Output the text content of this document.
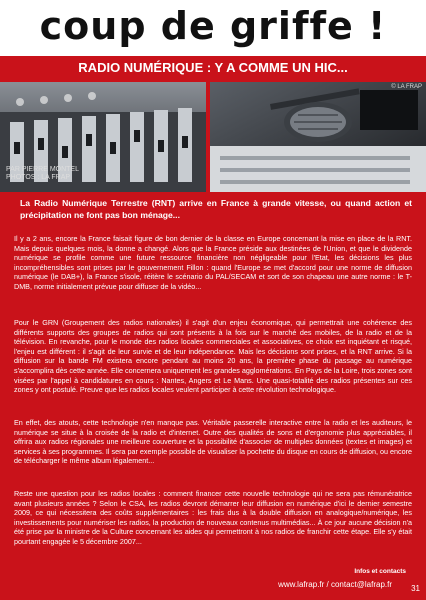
coup de griffe !
RADIO NUMÉRIQUE : Y A COMME UN HIC...
PAR PIERRE MONTEL
PHOTOS : LA FRAP
© LA FRAP
La Radio Numérique Terrestre (RNT) arrive en France à grande vitesse, ou quand action et précipitation ne font pas bon ménage...
Il y a 2 ans, encore la France faisait figure de bon dernier de la classe en Europe concernant la mise en place de la RNT. Mais depuis quelques mois, la donne a changé. Alors que la France préside aux destinées de l'Union, et que le dividende numérique se profile comme une future ressource financière non négligeable pour l'Etat, les décisions les plus incompréhensibles sont prises par le gouvernement Fillon : quand l'Europe se met d'accord pour une norme de diffusion numérique (le DAB+), la France s'isole, réitère le scénario du PAL/SECAM et sort de son chapeau une autre norme : le T-DMB, norme initialement prévue pour diffuser de la vidéo...
Pour le GRN (Groupement des radios nationales) il s'agit d'un enjeu économique, qui permettrait une cohérence des différents supports des groupes de radios qui sont présents à la fois sur le marché des mobiles, de la radio et de la télévision. En revanche, pour le monde des radios locales commerciales et associatives, ce choix est inquiétant et risqué, l'enjeu est différent : il s'agit de leur survie et de leur indépendance. Mais les décisions sont prises, et la RNT arrive. Si la diffusion sur la bande FM existera encore pendant au moins 20 ans, la première phase du passage au numérique s'accomplira dès cette année. Elle concernera uniquement les grandes agglomérations. En Pays de la Loire, trois zones sont visées par l'appel à candidatures en cours : Nantes, Angers et Le Mans. Une quasi-totalité des radios présentes sur ces zones y ont postulé. Preuve que les radios locales veulent participer à cette révolution technologique.
En effet, des atouts, cette technologie n'en manque pas. Véritable passerelle interactive entre la radio et les auditeurs, le numérique se situe à la croisée de la radio et d'internet. Outre des qualités de sons et d'ergonomie plus appréciables, il offrira aux radios régionales une meilleure couverture et la possibilité d'associer de multiples données (textes et images) et services à ses programmes. Il sera par exemple possible de visualiser la pochette du disque en cours de diffusion, ou encore de télécharger le même album légalement...
Reste une question pour les radios locales : comment financer cette nouvelle technologie qui ne sera pas rémunératrice avant plusieurs années ? Selon le CSA, les radios devront démarrer leur diffusion en numérique d'ici le dernier semestre 2009, ce qui nécessitera des coûts supplémentaires : les frais dus à la double diffusion en analogique/numérique, les investissements pour numériser les radios, la production de nouveaux contenus multimédias... À ce jour aucune décision n'a été prise par la ministre de la Culture concernant les aides qui permettront à nos radios de franchir cette étape. Elle s'y était pourtant engagée le 5 décembre 2007...
Infos et contacts
www.lafrap.fr / contact@lafrap.fr 31
